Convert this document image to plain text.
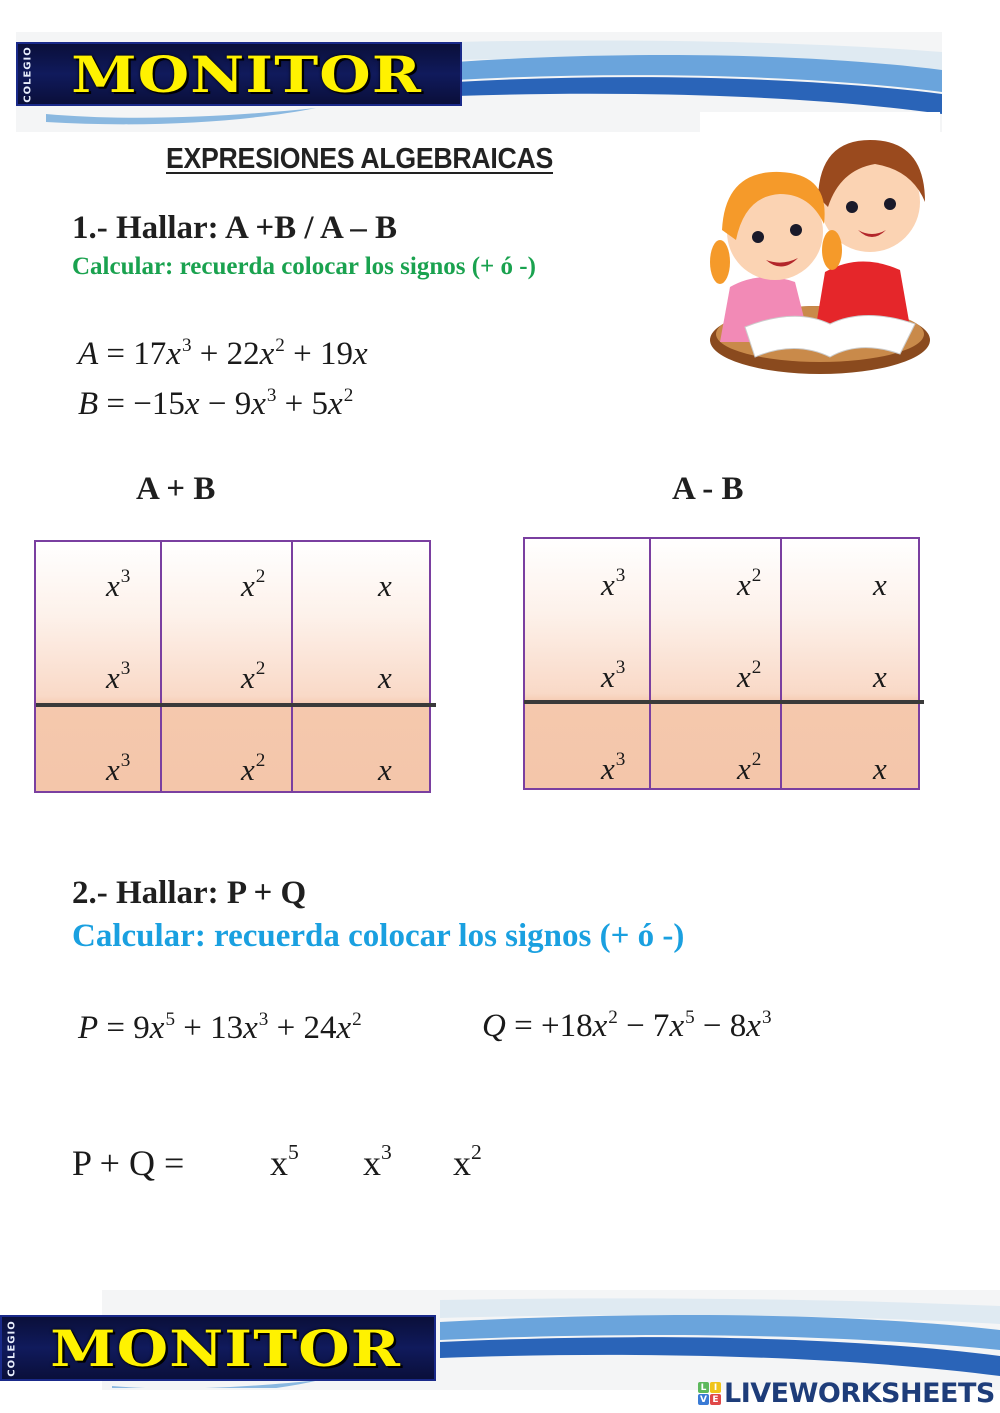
COLEGIO MONITOR
EXPRESIONES ALGEBRAICAS
1.- Hallar: A +B / A – B
Calcular: recuerda colocar los signos (+ ó -)
$A = 17x^3 + 22x^2 + 19x$
$B = -15x - 9x^3 + 5x^2$
A + B	A - B
$x^3$	$x^2$	x
$x^3$	$x^2$	x
$x^3$	$x^2$	x
$x^3$	$x^2$	x
$x^3$	$x^2$	x
$x^3$	$x^2$	x
2.- Hallar: P + Q
Calcular: recuerda colocar los signos (+ ó -)
$P = 9x^5 + 13x^3 + 24x^2$	$Q = +18x^2 - 7x^5 - 8x^3$
$P + Q = x^5$ $x^3$ $x^2$
COLEGIO MONITOR
L I
V E LIVEWORKSHEETS
